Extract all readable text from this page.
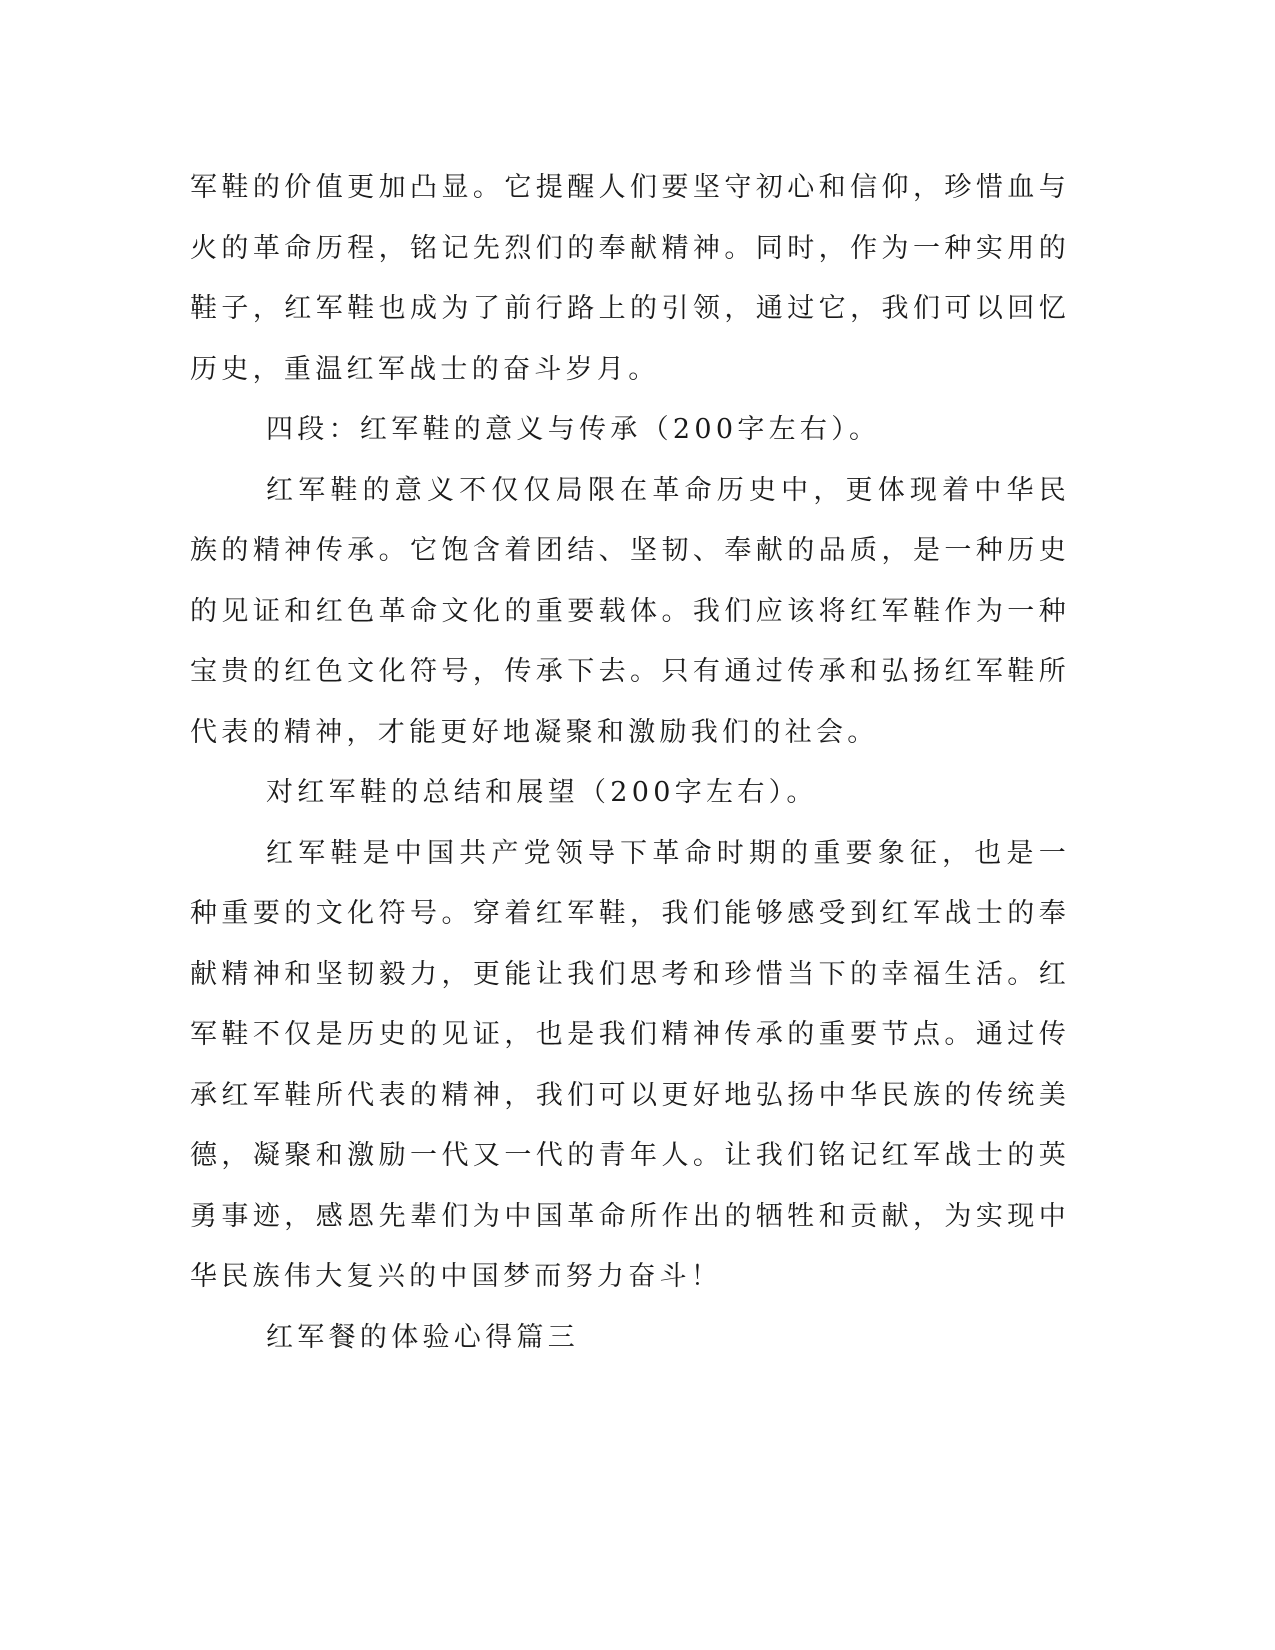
军鞋的价值更加凸显。它提醒人们要坚守初心和信仰，珍惜血与火的革命历程，铭记先烈们的奉献精神。同时，作为一种实用的鞋子，红军鞋也成为了前行路上的引领，通过它，我们可以回忆历史，重温红军战士的奋斗岁月。

四段：红军鞋的意义与传承（200字左右）。

红军鞋的意义不仅仅局限在革命历史中，更体现着中华民族的精神传承。它饱含着团结、坚韧、奉献的品质，是一种历史的见证和红色革命文化的重要载体。我们应该将红军鞋作为一种宝贵的红色文化符号，传承下去。只有通过传承和弘扬红军鞋所代表的精神，才能更好地凝聚和激励我们的社会。

对红军鞋的总结和展望（200字左右）。

红军鞋是中国共产党领导下革命时期的重要象征，也是一种重要的文化符号。穿着红军鞋，我们能够感受到红军战士的奉献精神和坚韧毅力，更能让我们思考和珍惜当下的幸福生活。红军鞋不仅是历史的见证，也是我们精神传承的重要节点。通过传承红军鞋所代表的精神，我们可以更好地弘扬中华民族的传统美德，凝聚和激励一代又一代的青年人。让我们铭记红军战士的英勇事迹，感恩先辈们为中国革命所作出的牺牲和贡献，为实现中华民族伟大复兴的中国梦而努力奋斗！

红军餐的体验心得篇三
